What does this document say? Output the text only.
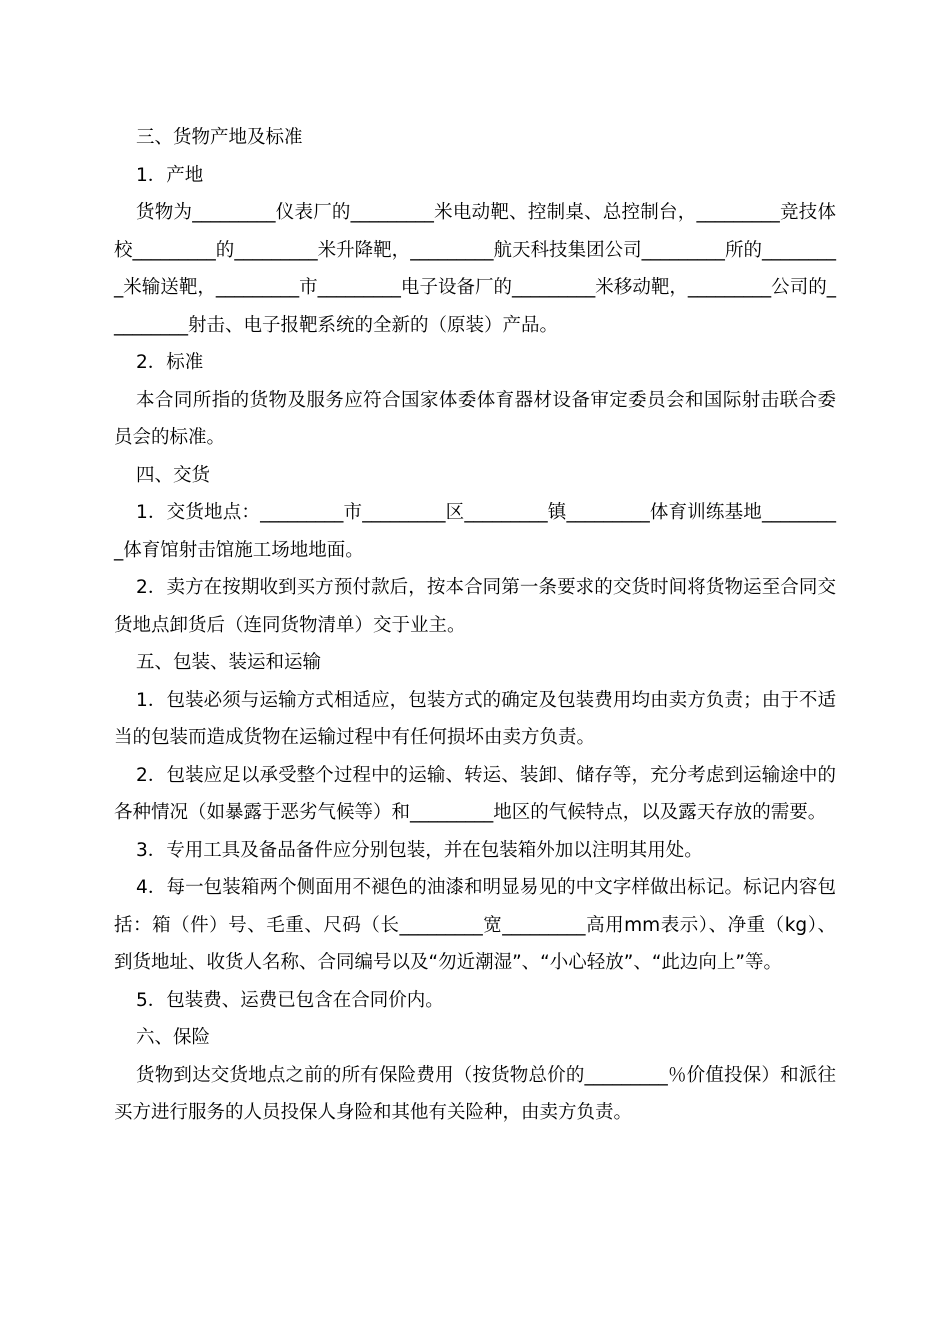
三、货物产地及标准

1．产地

货物为_________仪表厂的_________米电动靶、控制桌、总控制台，_________竞技体校_________的_________米升降靶，_________航天科技集团公司_________所的_________米输送靶，_________市_________电子设备厂的_________米移动靶，_________公司的_________射击、电子报靶系统的全新的（原装）产品。

2．标准

本合同所指的货物及服务应符合国家体委体育器材设备审定委员会和国际射击联合委员会的标准。

四、交货

1．交货地点：_________市_________区_________镇_________体育训练基地_________体育馆射击馆施工场地地面。

2．卖方在按期收到买方预付款后，按本合同第一条要求的交货时间将货物运至合同交货地点卸货后（连同货物清单）交于业主。

五、包装、装运和运输

1．包装必须与运输方式相适应，包装方式的确定及包装费用均由卖方负责；由于不适当的包装而造成货物在运输过程中有任何损坏由卖方负责。

2．包装应足以承受整个过程中的运输、转运、装卸、储存等，充分考虑到运输途中的各种情况（如暴露于恶劣气候等）和_________地区的气候特点，以及露天存放的需要。

3．专用工具及备品备件应分别包装，并在包装箱外加以注明其用处。

4．每一包装箱两个侧面用不褪色的油漆和明显易见的中文字样做出标记。标记内容包括：箱（件）号、毛重、尺码（长_________宽_________高用mm表示）、净重（kg）、到货地址、收货人名称、合同编号以及“勿近潮湿”、“小心轻放”、“此边向上”等。

5．包装费、运费已包含在合同价内。

六、保险

货物到达交货地点之前的所有保险费用（按货物总价的_________％价值投保）和派往买方进行服务的人员投保人身险和其他有关险种，由卖方负责。
